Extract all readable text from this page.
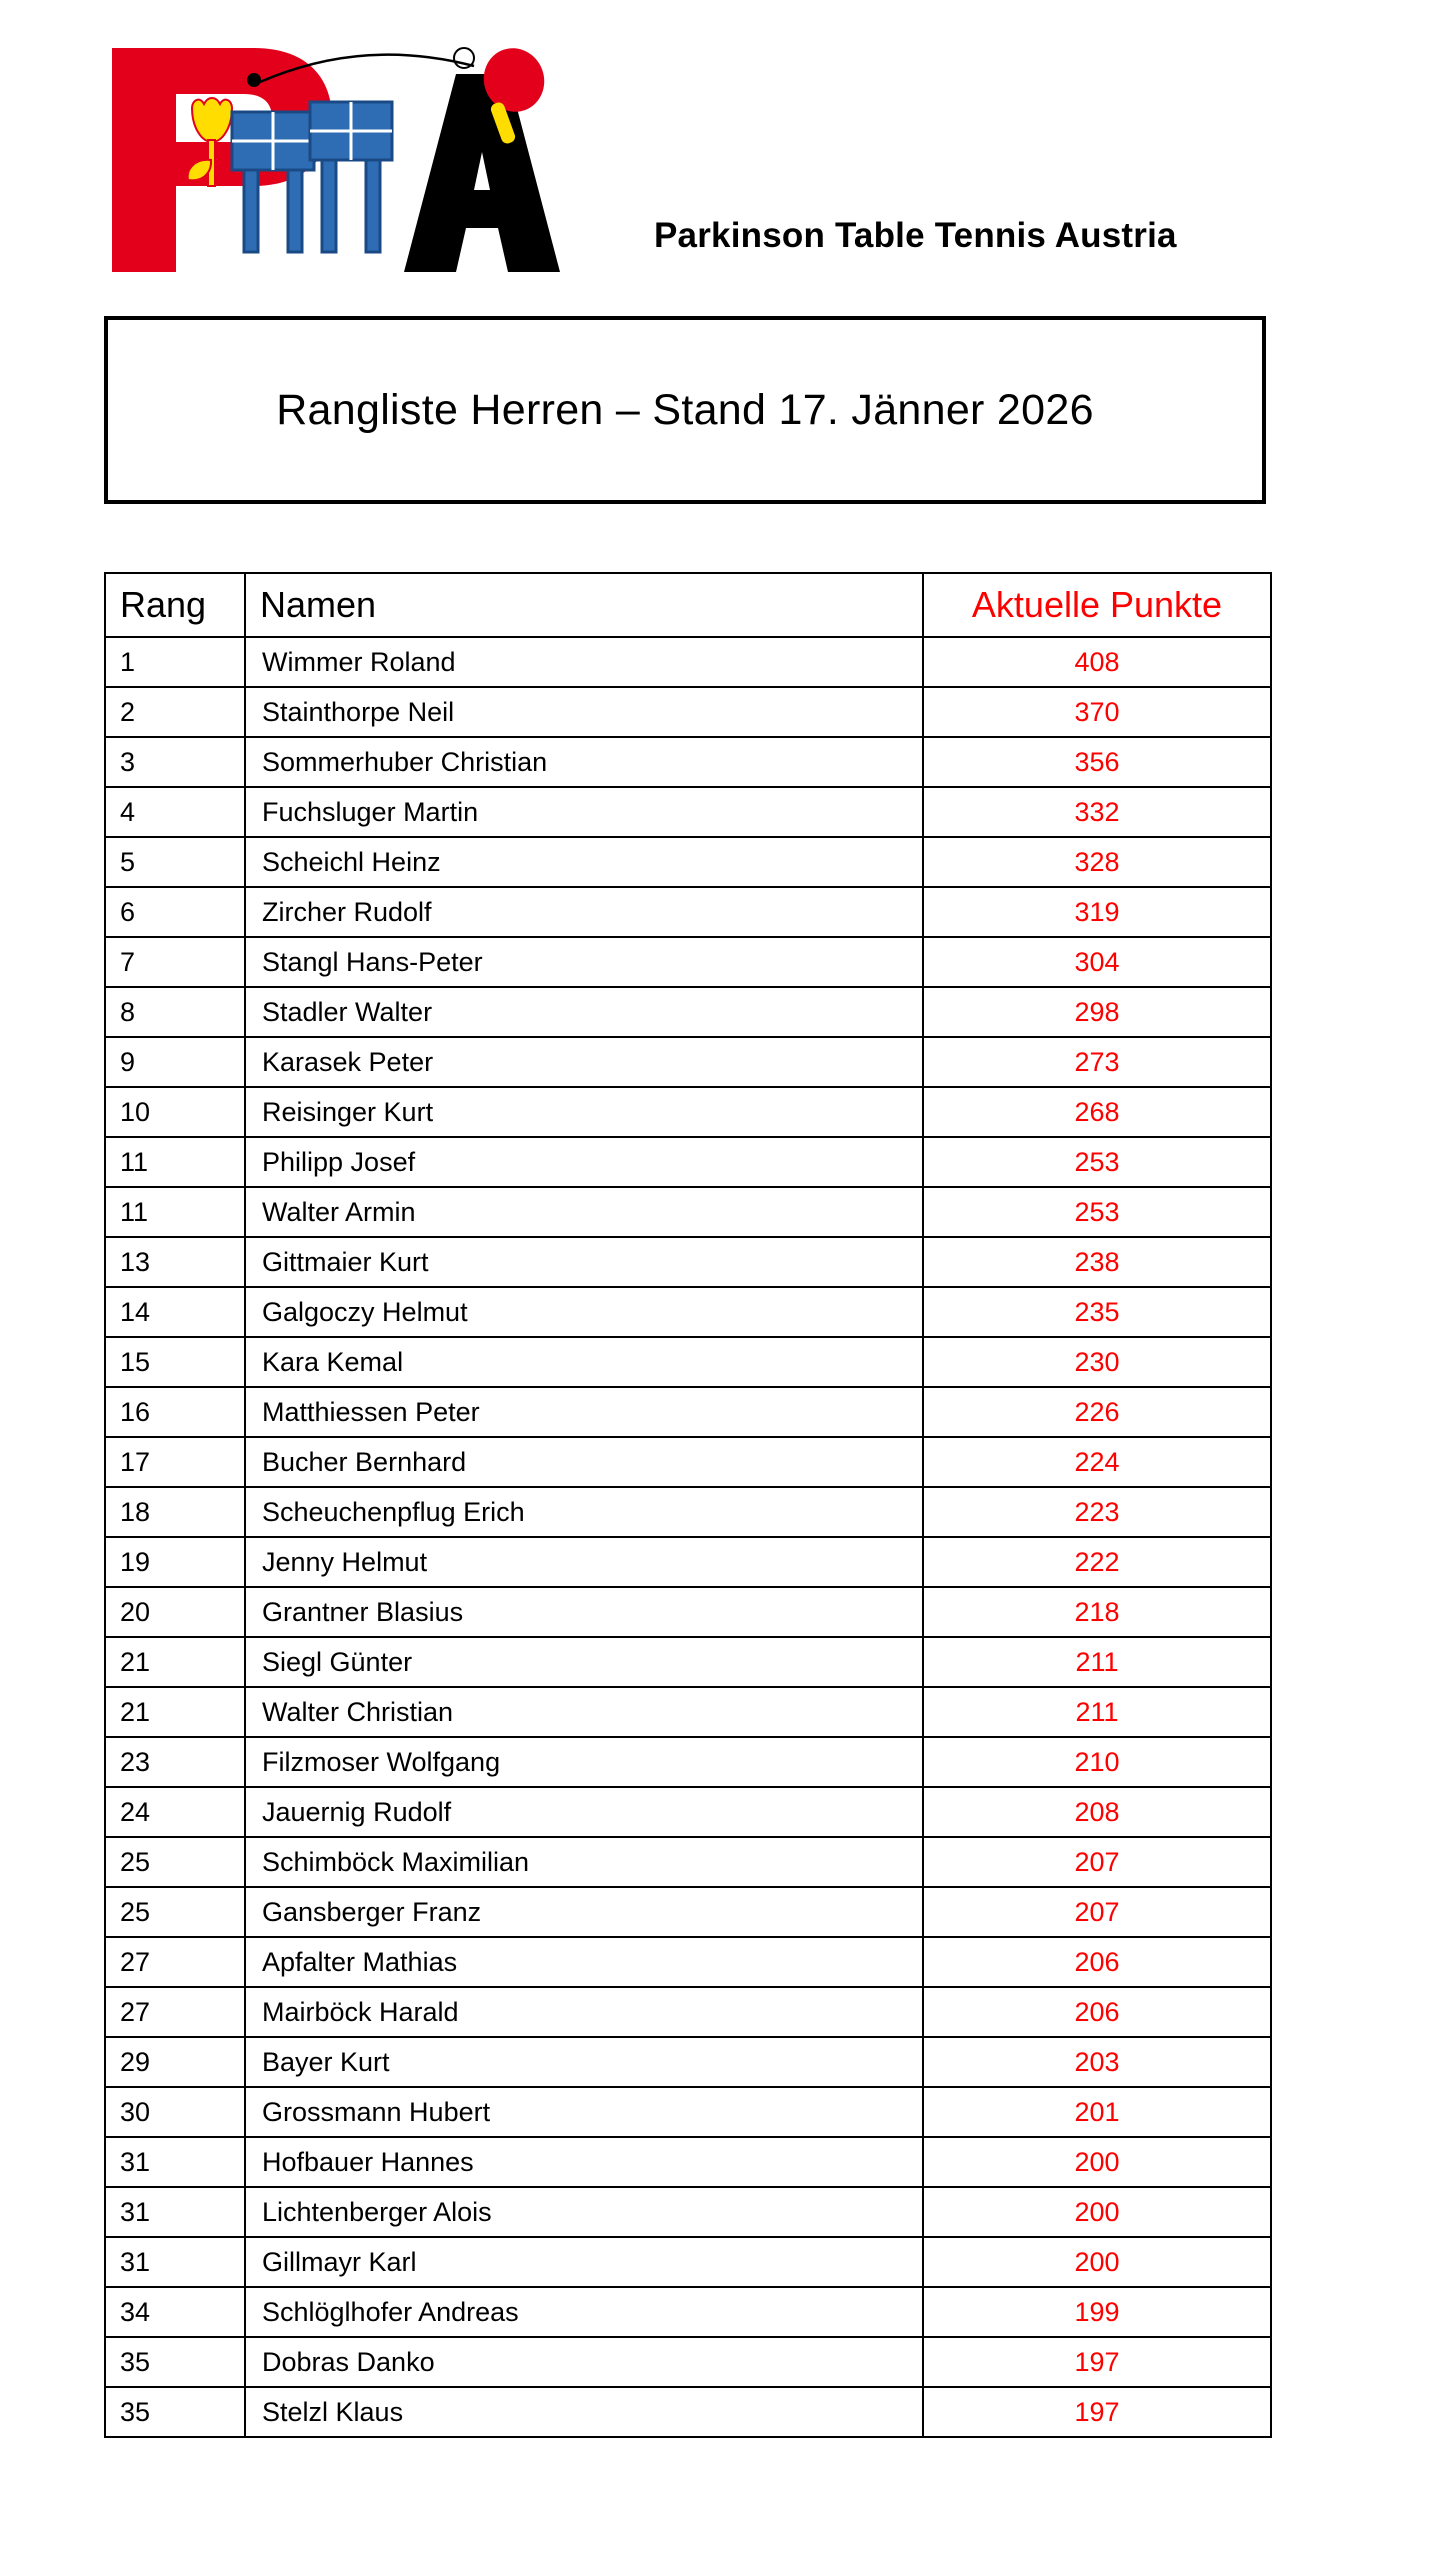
Parkinson Table Tennis Austria
Rangliste Herren – Stand 17. Jänner 2026
Rang	Namen	Aktuelle Punkte
1	Wimmer Roland	408
2	Stainthorpe Neil	370
3	Sommerhuber Christian	356
4	Fuchsluger Martin	332
5	Scheichl Heinz	328
6	Zircher Rudolf	319
7	Stangl Hans-Peter	304
8	Stadler Walter	298
9	Karasek Peter	273
10	Reisinger Kurt	268
11	Philipp Josef	253
11	Walter Armin	253
13	Gittmaier Kurt	238
14	Galgoczy Helmut	235
15	Kara Kemal	230
16	Matthiessen Peter	226
17	Bucher Bernhard	224
18	Scheuchenpflug Erich	223
19	Jenny Helmut	222
20	Grantner Blasius	218
21	Siegl Günter	211
21	Walter Christian	211
23	Filzmoser Wolfgang	210
24	Jauernig Rudolf	208
25	Schimböck Maximilian	207
25	Gansberger Franz	207
27	Apfalter Mathias	206
27	Mairböck Harald	206
29	Bayer Kurt	203
30	Grossmann Hubert	201
31	Hofbauer Hannes	200
31	Lichtenberger Alois	200
31	Gillmayr Karl	200
34	Schlöglhofer Andreas	199
35	Dobras Danko	197
35	Stelzl Klaus	197
